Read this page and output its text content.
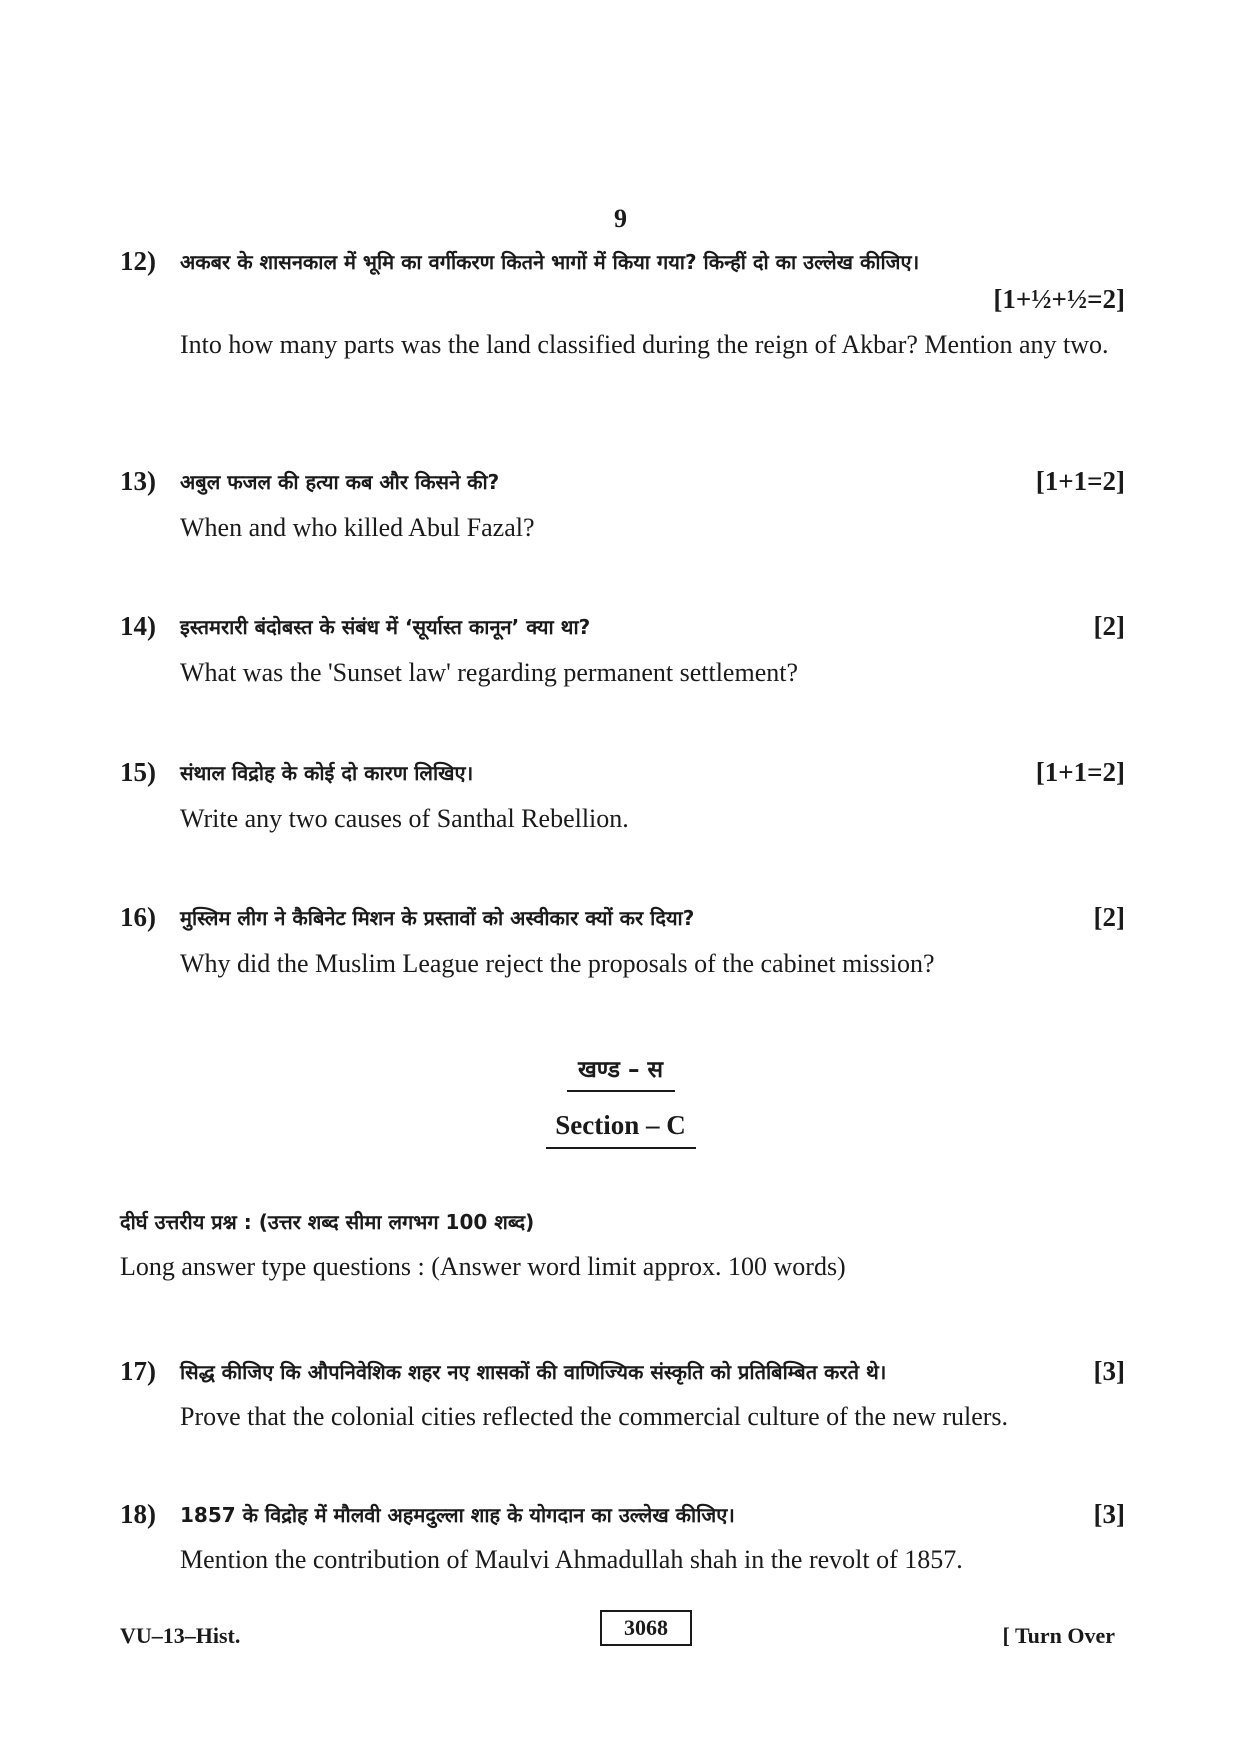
9
12) अकबर के शासनकाल में भूमि का वर्गीकरण कितने भागों में किया गया? किन्हीं दो का उल्लेख कीजिए।
[1+½+½=2]
Into how many parts was the land classified during the reign of Akbar? Mention any two.
13) अबुल फजल की हत्या कब और किसने की?	[1+1=2]
When and who killed Abul Fazal?
14) इस्तमरारी बंदोबस्त के संबंध में ‘सूर्यास्त कानून’ क्या था?	[2]
What was the 'Sunset law' regarding permanent settlement?
15) संथाल विद्रोह के कोई दो कारण लिखिए।	[1+1=2]
Write any two causes of Santhal Rebellion.
16) मुस्लिम लीग ने कैबिनेट मिशन के प्रस्तावों को अस्वीकार क्यों कर दिया?	[2]
Why did the Muslim League reject the proposals of the cabinet mission?
खण्ड – स
Section – C
दीर्घ उत्तरीय प्रश्न : (उत्तर शब्द सीमा लगभग 100 शब्द)
Long answer type questions : (Answer word limit approx. 100 words)
17) सिद्ध कीजिए कि औपनिवेशिक शहर नए शासकों की वाणिज्यिक संस्कृति को प्रतिबिम्बित करते थे।	[3]
Prove that the colonial cities reflected the commercial culture of the new rulers.
18) 1857 के विद्रोह में मौलवी अहमदुल्ला शाह के योगदान का उल्लेख कीजिए।	[3]
Mention the contribution of Maulvi Ahmadullah shah in the revolt of 1857.
VU–13–Hist.	3068	[ Turn Over
